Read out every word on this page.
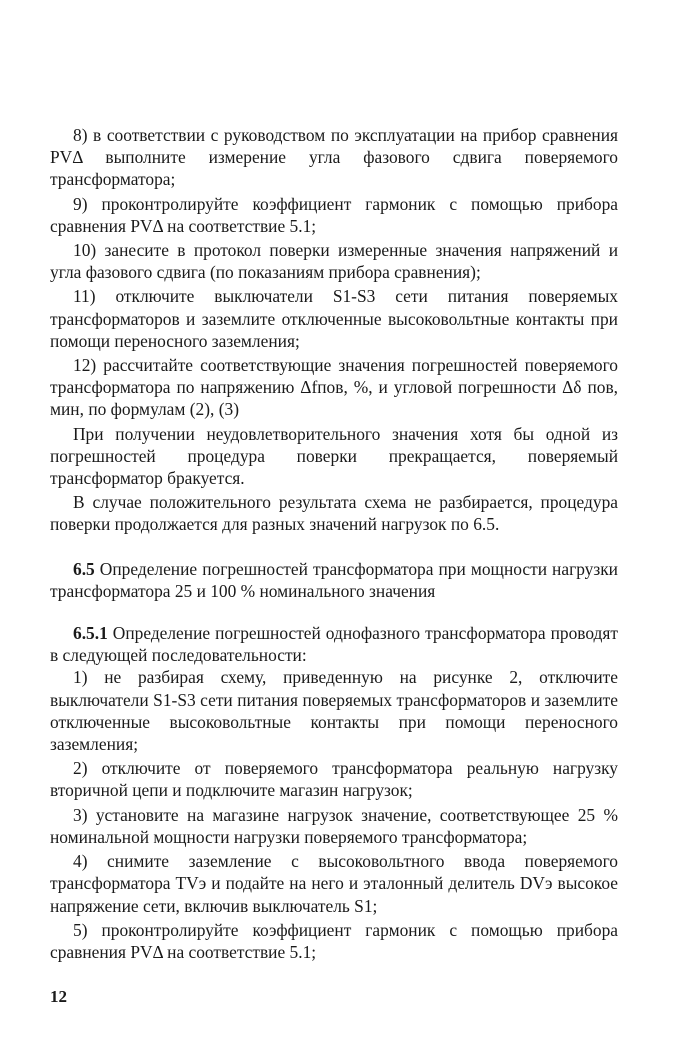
8) в соответствии с руководством по эксплуатации на прибор сравнения PVΔ выполните измерение угла фазового сдвига поверяемого трансформатора;

9) проконтролируйте коэффициент гармоник с помощью прибора сравнения PVΔ на соответствие 5.1;

10) занесите в протокол поверки измеренные значения напряжений и угла фазового сдвига (по показаниям прибора сравнения);

11) отключите выключатели S1-S3 сети питания поверяемых трансформаторов и заземлите отключенные высоковольтные контакты при помощи переносного заземления;

12) рассчитайте соответствующие значения погрешностей поверяемого трансформатора по напряжению Δfпов, %, и угловой погрешности Δδ пов, мин, по формулам (2), (3)

При получении неудовлетворительного значения хотя бы одной из погрешностей процедура поверки прекращается, поверяемый трансформатор бракуется.

В случае положительного результата схема не разбирается, процедура поверки продолжается для разных значений нагрузок по 6.5.

6.5 Определение погрешностей трансформатора при мощности нагрузки трансформатора 25 и 100 % номинального значения

6.5.1 Определение погрешностей однофазного трансформатора проводят в следующей последовательности:

1) не разбирая схему, приведенную на рисунке 2, отключите выключатели S1-S3 сети питания поверяемых трансформаторов и заземлите отключенные высоковольтные контакты при помощи переносного заземления;

2) отключите от поверяемого трансформатора реальную нагрузку вторичной цепи и подключите магазин нагрузок;

3) установите на магазине нагрузок значение, соответствующее 25 % номинальной мощности нагрузки поверяемого трансформатора;

4) снимите заземление с высоковольтного ввода поверяемого трансформатора TVэ и подайте на него и эталонный делитель DVэ высокое напряжение сети, включив выключатель S1;

5) проконтролируйте коэффициент гармоник с помощью прибора сравнения PVΔ на соответствие 5.1;

12
